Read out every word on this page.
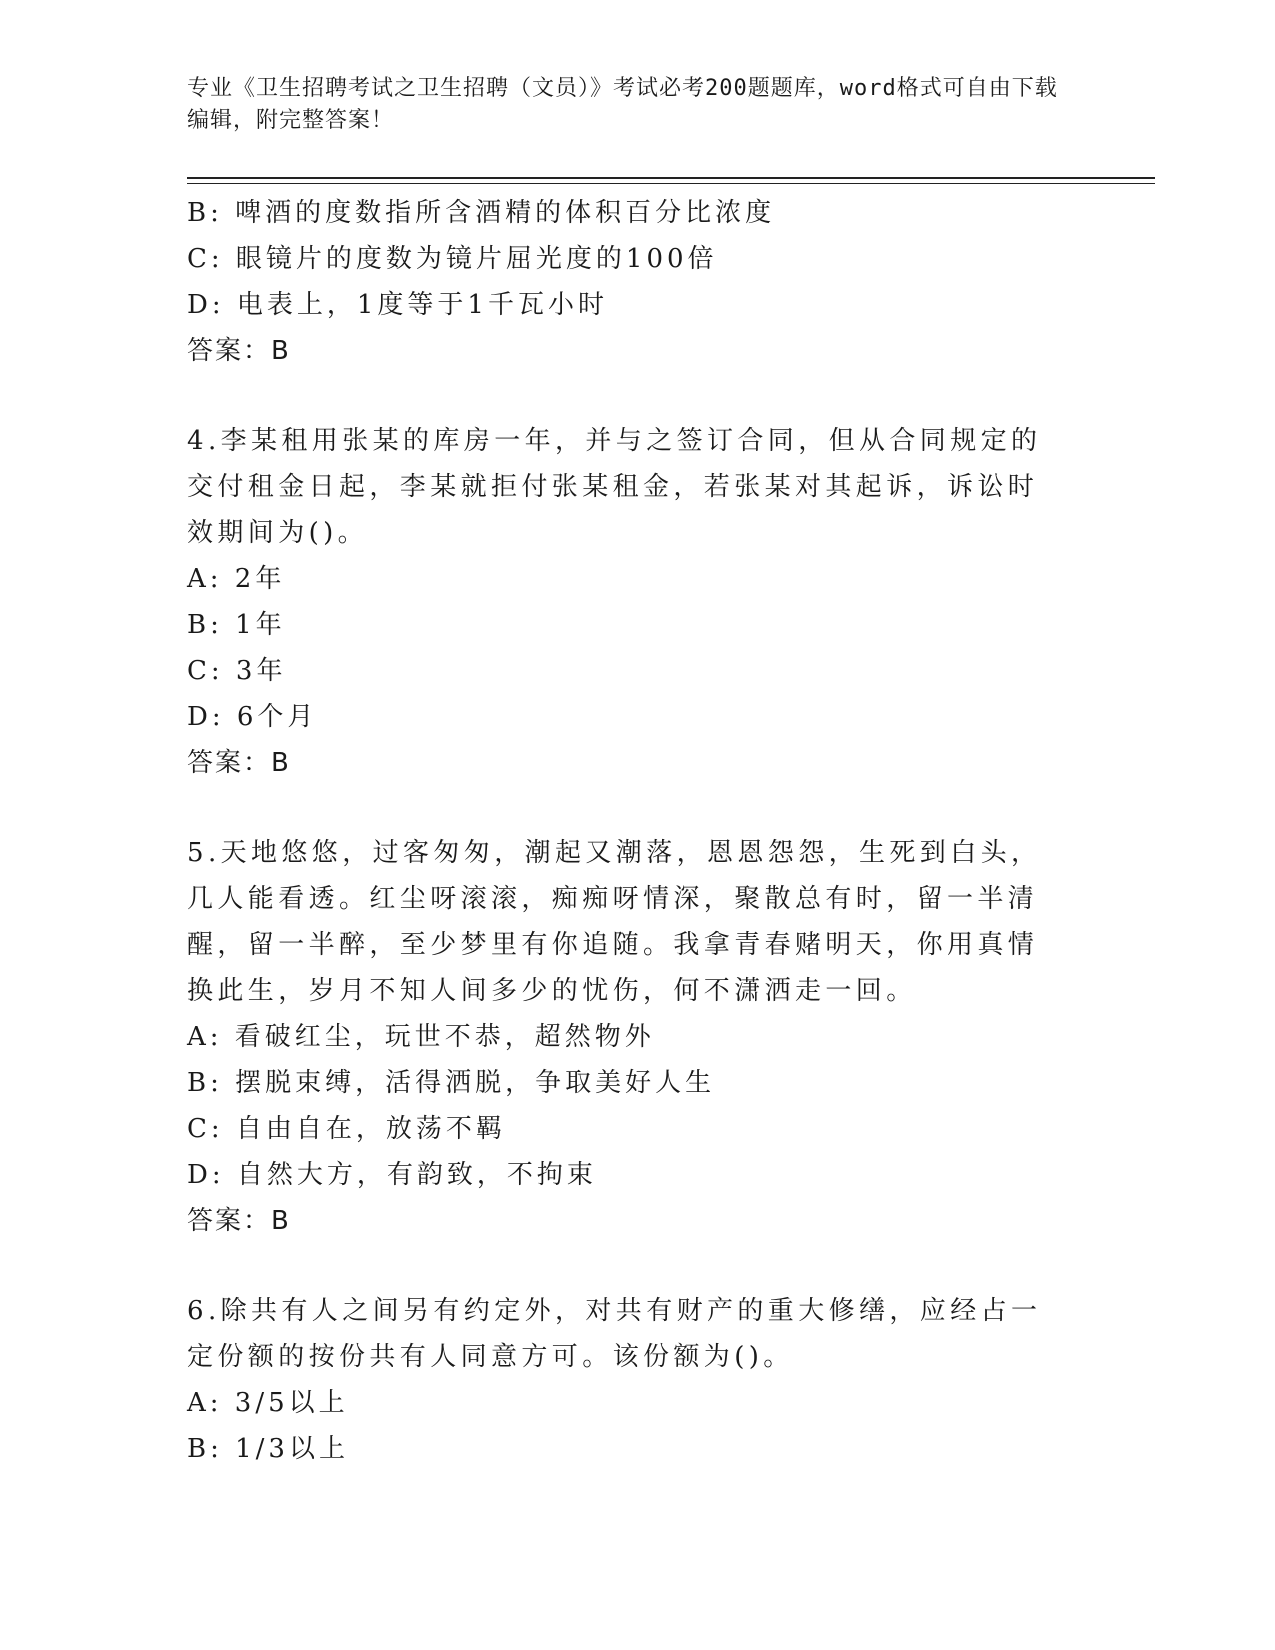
专业《卫生招聘考试之卫生招聘（文员）》考试必考200题题库，word格式可自由下载编辑，附完整答案！
B: 啤酒的度数指所含酒精的体积百分比浓度
C: 眼镜片的度数为镜片屈光度的100倍
D: 电表上，1度等于1千瓦小时
答案：B
4.李某租用张某的库房一年，并与之签订合同，但从合同规定的交付租金日起，李某就拒付张某租金，若张某对其起诉，诉讼时效期间为()。
A: 2年
B: 1年
C: 3年
D: 6个月
答案：B
5.天地悠悠，过客匆匆，潮起又潮落，恩恩怨怨，生死到白头，几人能看透。红尘呀滚滚，痴痴呀情深，聚散总有时，留一半清醒，留一半醉，至少梦里有你追随。我拿青春赌明天，你用真情换此生，岁月不知人间多少的忧伤，何不潇洒走一回。
A: 看破红尘，玩世不恭，超然物外
B: 摆脱束缚，活得洒脱，争取美好人生
C: 自由自在，放荡不羁
D: 自然大方，有韵致，不拘束
答案：B
6.除共有人之间另有约定外，对共有财产的重大修缮，应经占一定份额的按份共有人同意方可。该份额为()。
A: 3/5以上
B: 1/3以上
